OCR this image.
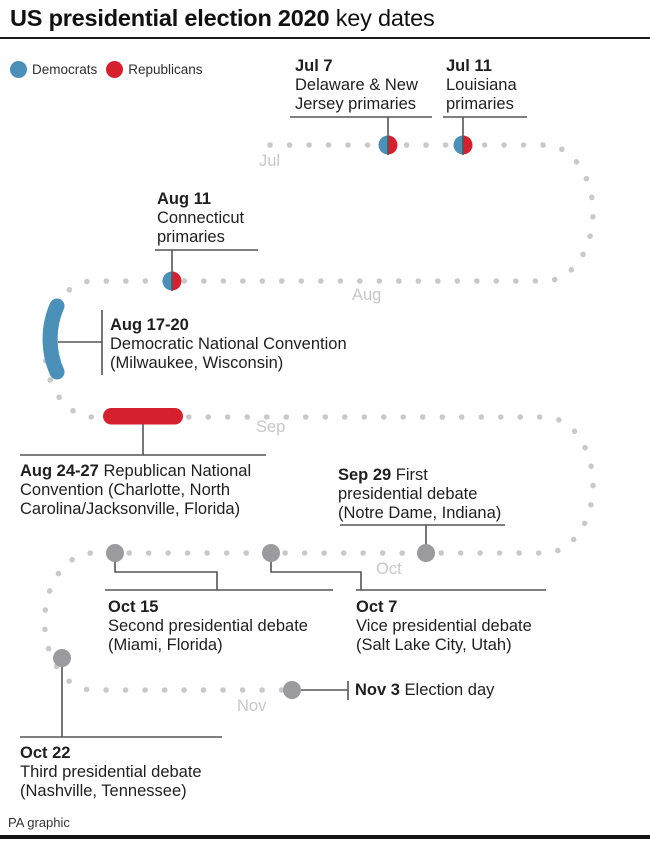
US presidential election 2020 key dates
Democrats Republicans
Jul
Aug
Sep
Oct
Nov
Jul 7
Delaware & New
Jersey primaries
Jul 11
Louisiana
primaries
Aug 11
Connecticut
primaries
Aug 17-20
Democratic National Convention
(Milwaukee, Wisconsin)
Aug 24-27 Republican National
Convention (Charlotte, North
Carolina/Jacksonville, Florida)
Sep 29 First
presidential debate
(Notre Dame, Indiana)
Oct 15
Second presidential debate
(Miami, Florida)
Oct 7
Vice presidential debate
(Salt Lake City, Utah)
Oct 22
Third presidential debate
(Nashville, Tennessee)
Nov 3 Election day
PA graphic
